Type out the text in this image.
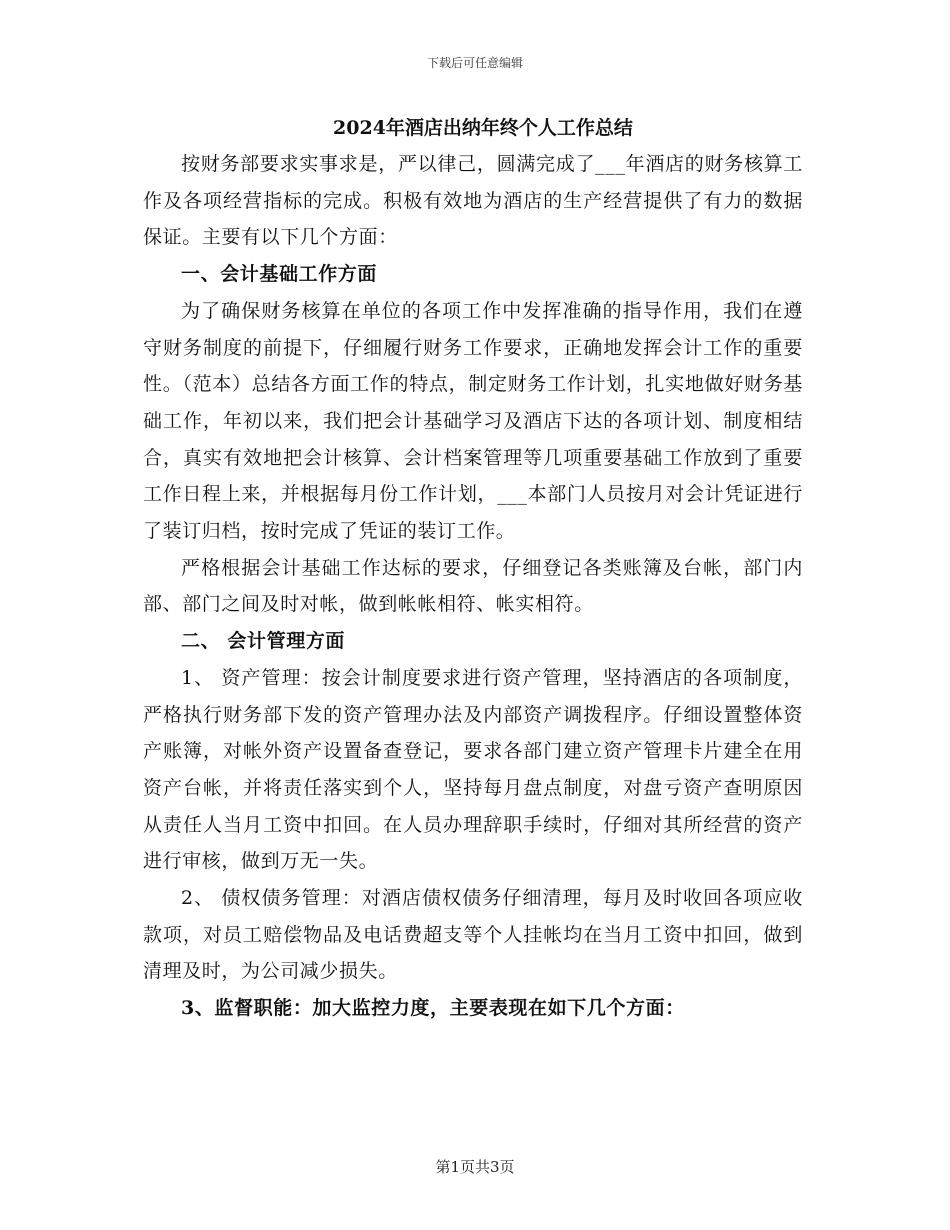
下载后可任意编辑
2024年酒店出纳年终个人工作总结

按财务部要求实事求是，严以律己，圆满完成了___年酒店的财务核算工作及各项经营指标的完成。积极有效地为酒店的生产经营提供了有力的数据保证。主要有以下几个方面：

一、会计基础工作方面

为了确保财务核算在单位的各项工作中发挥准确的指导作用，我们在遵守财务制度的前提下，仔细履行财务工作要求，正确地发挥会计工作的重要性。（范本）总结各方面工作的特点，制定财务工作计划，扎实地做好财务基础工作，年初以来，我们把会计基础学习及酒店下达的各项计划、制度相结合，真实有效地把会计核算、会计档案管理等几项重要基础工作放到了重要工作日程上来，并根据每月份工作计划，___本部门人员按月对会计凭证进行了装订归档，按时完成了凭证的装订工作。

严格根据会计基础工作达标的要求，仔细登记各类账簿及台帐，部门内部、部门之间及时对帐，做到帐帐相符、帐实相符。

二、 会计管理方面

1、 资产管理：按会计制度要求进行资产管理，坚持酒店的各项制度，严格执行财务部下发的资产管理办法及内部资产调拨程序。仔细设置整体资产账簿，对帐外资产设置备查登记，要求各部门建立资产管理卡片建全在用资产台帐，并将责任落实到个人，坚持每月盘点制度，对盘亏资产查明原因从责任人当月工资中扣回。在人员办理辞职手续时，仔细对其所经营的资产进行审核，做到万无一失。

2、 债权债务管理：对酒店债权债务仔细清理，每月及时收回各项应收款项，对员工赔偿物品及电话费超支等个人挂帐均在当月工资中扣回，做到清理及时，为公司减少损失。

3、监督职能：加大监控力度，主要表现在如下几个方面：

第1页共3页
